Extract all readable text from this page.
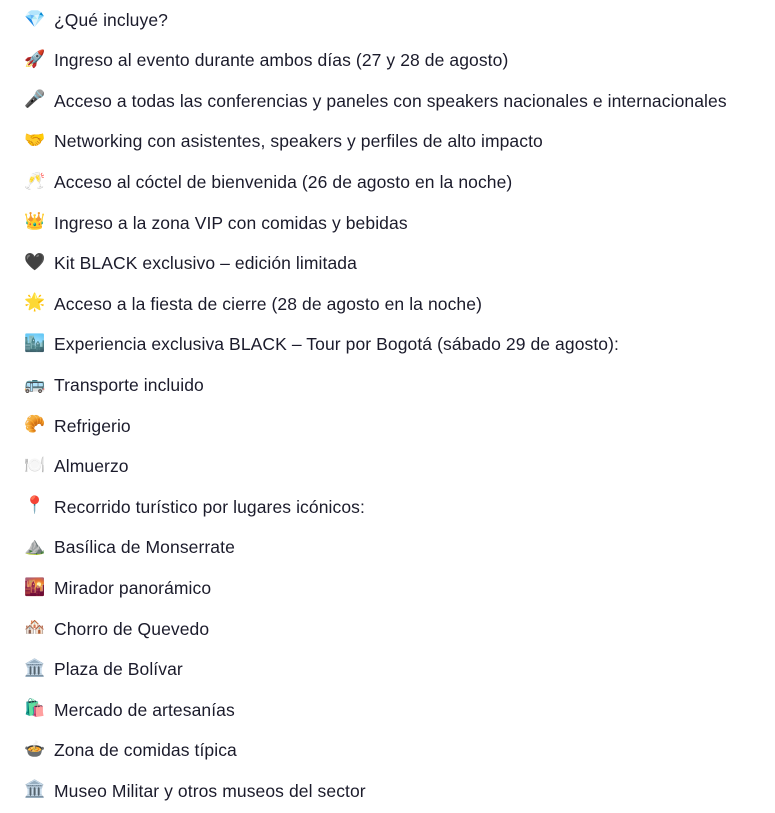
💎 ¿Qué incluye?
🚀 Ingreso al evento durante ambos días (27 y 28 de agosto)
🎤 Acceso a todas las conferencias y paneles con speakers nacionales e internacionales
🤝 Networking con asistentes, speakers y perfiles de alto impacto
🥂 Acceso al cóctel de bienvenida (26 de agosto en la noche)
👑 Ingreso a la zona VIP con comidas y bebidas
🖤 Kit BLACK exclusivo – edición limitada
🌟 Acceso a la fiesta de cierre (28 de agosto en la noche)
🏙️ Experiencia exclusiva BLACK – Tour por Bogotá (sábado 29 de agosto):
🚌 Transporte incluido
🥐 Refrigerio
🍽️ Almuerzo
📍 Recorrido turístico por lugares icónicos:
⛰️ Basílica de Monserrate
🌇 Mirador panorámico
🏘️ Chorro de Quevedo
🏛️ Plaza de Bolívar
🛍️ Mercado de artesanías
🍲 Zona de comidas típica
🏛️ Museo Militar y otros museos del sector
